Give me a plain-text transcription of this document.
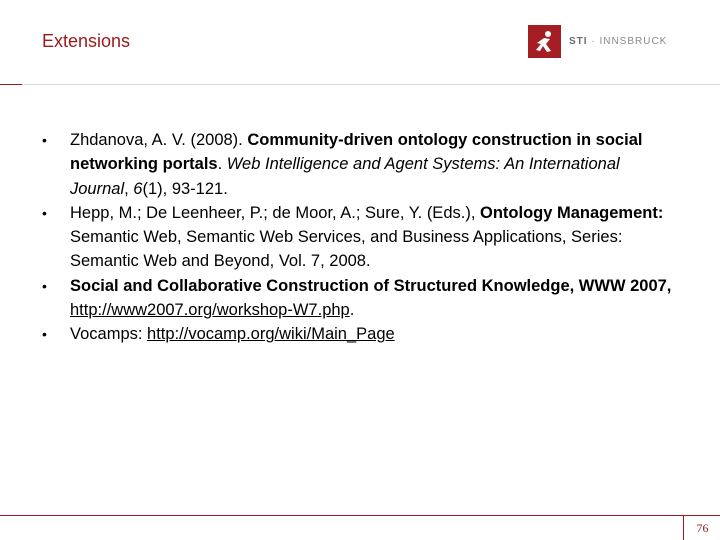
Extensions	STI · INNSBRUCK
•	Zhdanova, A. V. (2008). Community-driven ontology construction in social networking portals. Web Intelligence and Agent Systems: An International Journal, 6(1), 93-121.
•	Hepp, M.; De Leenheer, P.; de Moor, A.; Sure, Y. (Eds.), Ontology Management: Semantic Web, Semantic Web Services, and Business Applications, Series: Semantic Web and Beyond, Vol. 7, 2008.
•	Social and Collaborative Construction of Structured Knowledge, WWW 2007, http://www2007.org/workshop-W7.php.
•	Vocamps: http://vocamp.org/wiki/Main_Page
76
